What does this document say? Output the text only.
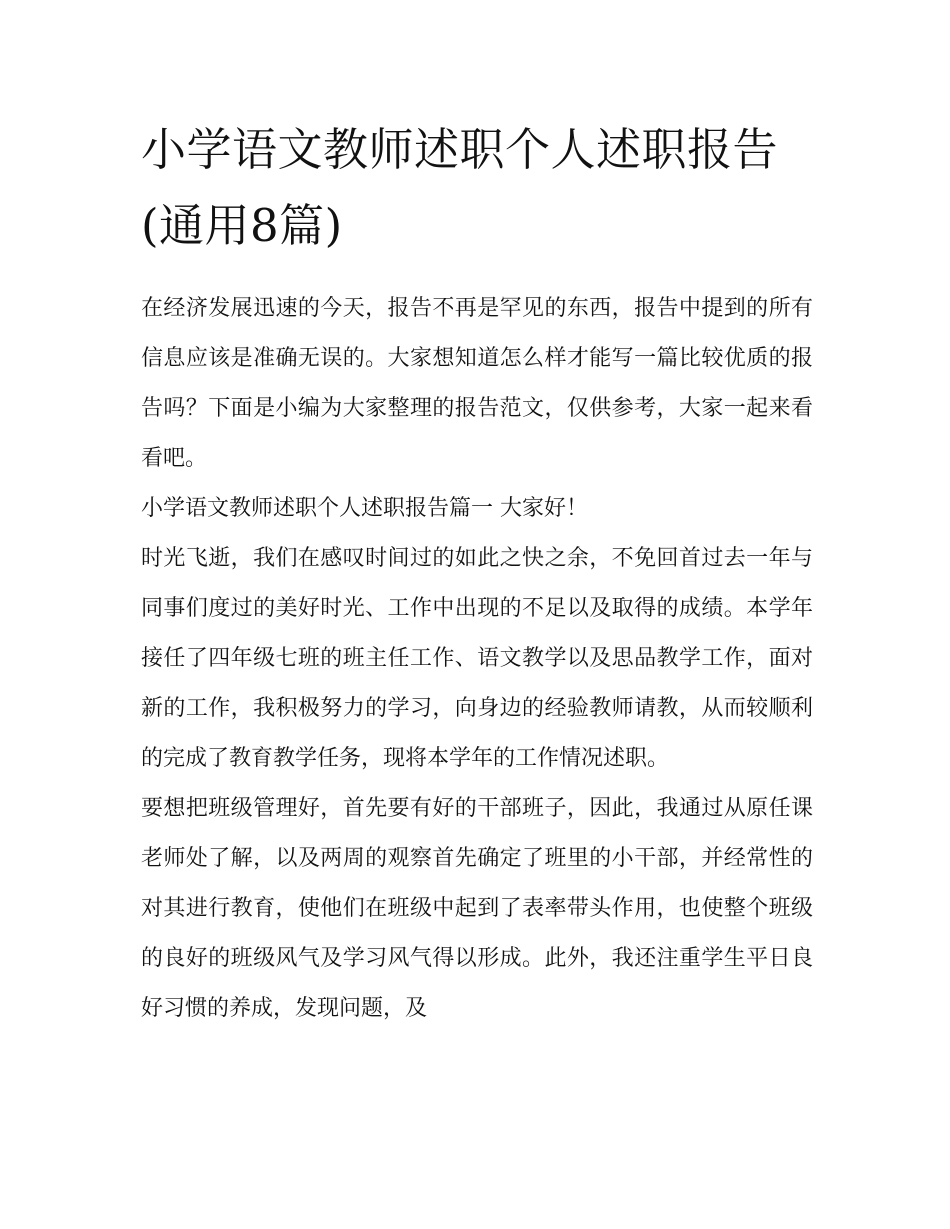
小学语文教师述职个人述职报告(通用8篇)

在经济发展迅速的今天，报告不再是罕见的东西，报告中提到的所有信息应该是准确无误的。大家想知道怎么样才能写一篇比较优质的报告吗？下面是小编为大家整理的报告范文，仅供参考，大家一起来看看吧。

小学语文教师述职个人述职报告篇一 大家好！

时光飞逝，我们在感叹时间过的如此之快之余，不免回首过去一年与同事们度过的美好时光、工作中出现的不足以及取得的成绩。本学年接任了四年级七班的班主任工作、语文教学以及思品教学工作，面对新的工作，我积极努力的学习，向身边的经验教师请教，从而较顺利的完成了教育教学任务，现将本学年的工作情况述职。

要想把班级管理好，首先要有好的干部班子，因此，我通过从原任课老师处了解，以及两周的观察首先确定了班里的小干部，并经常性的对其进行教育，使他们在班级中起到了表率带头作用，也使整个班级的良好的班级风气及学习风气得以形成。此外，我还注重学生平日良好习惯的养成，发现问题，及
